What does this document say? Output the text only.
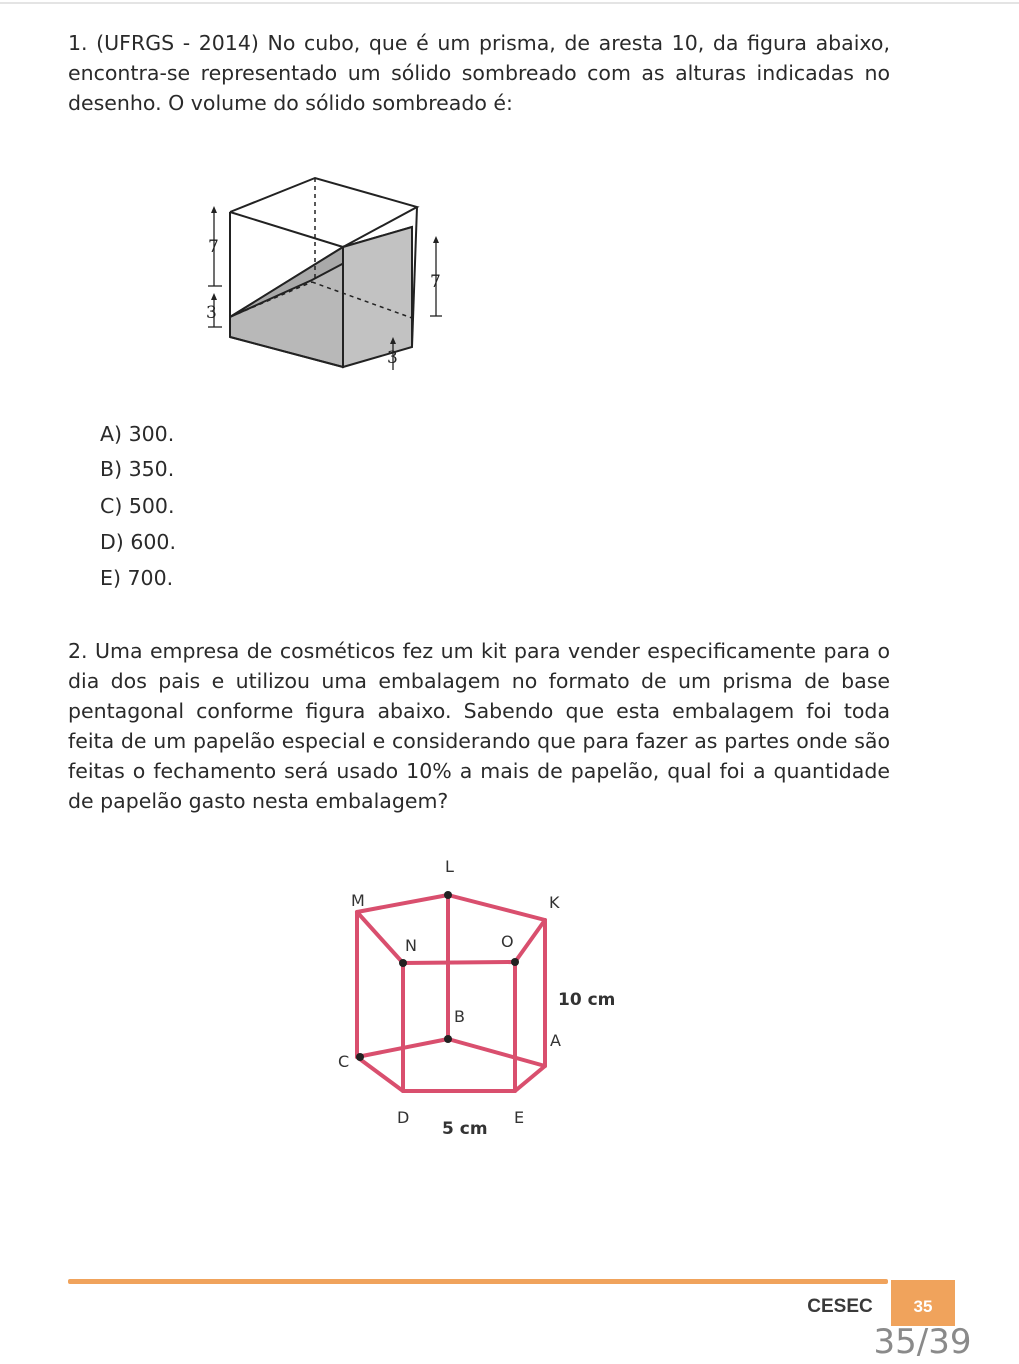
1. (UFRGS - 2014) No cubo, que é um prisma, de aresta 10, da figura abaixo, encontra-se representado um sólido sombreado com as alturas indicadas no desenho. O volume do sólido sombreado é:
7
3
7
3
A) 300.
B) 350.
C) 500.
D) 600.
E) 700.
2. Uma empresa de cosméticos fez um kit para vender especificamente para o dia dos pais e utilizou uma embalagem no formato de um prisma de base pentagonal conforme figura abaixo. Sabendo que esta embalagem foi toda feita de um papelão especial e considerando que para fazer as partes onde são feitas o fechamento será usado 10% a mais de papelão, qual foi a quantidade de papelão gasto nesta embalagem?
L
M	K
N	O
B
A
C
D	E
10 cm
5 cm
CESEC	35
35/39
